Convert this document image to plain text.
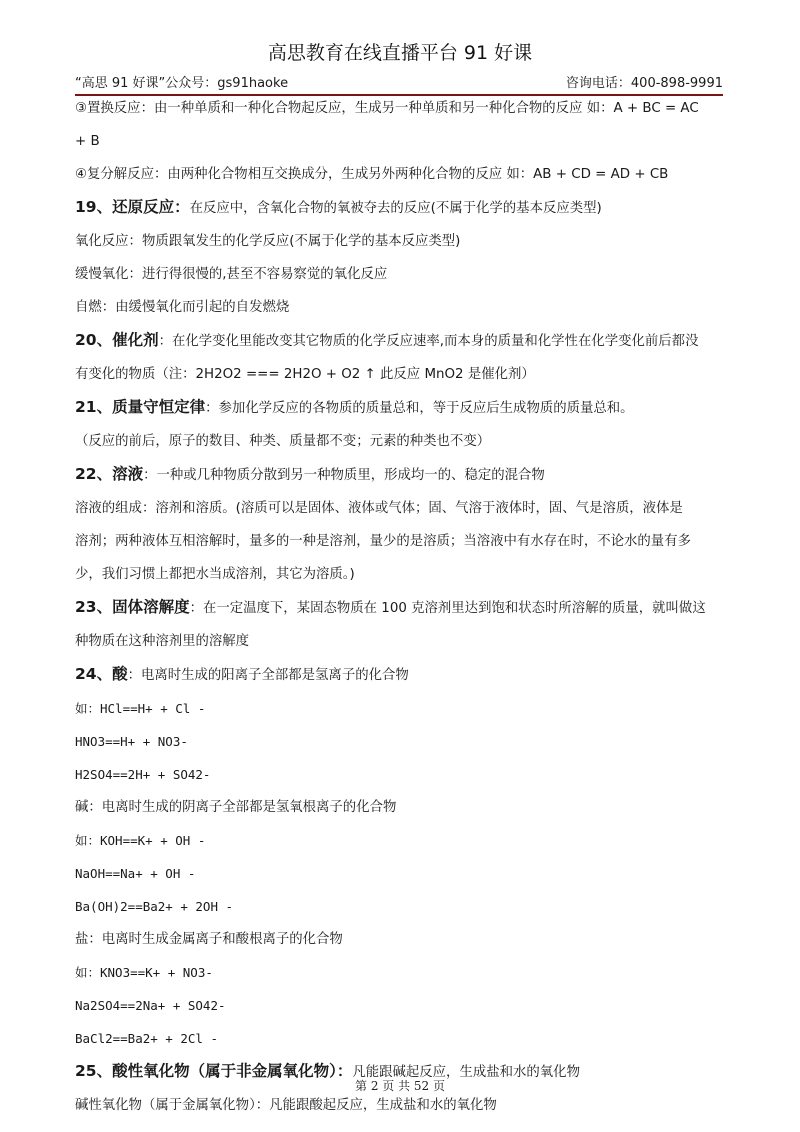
高思教育在线直播平台 91 好课
“高思 91 好课”公众号：gs91haoke	咨询电话：400-898-9991
③置换反应：由一种单质和一种化合物起反应，生成另一种单质和另一种化合物的反应 如：A + BC = AC
+ B
④复分解反应：由两种化合物相互交换成分，生成另外两种化合物的反应 如：AB + CD = AD + CB
19、还原反应：在反应中，含氧化合物的氧被夺去的反应(不属于化学的基本反应类型)
氧化反应：物质跟氧发生的化学反应(不属于化学的基本反应类型)
缓慢氧化：进行得很慢的,甚至不容易察觉的氧化反应
自燃：由缓慢氧化而引起的自发燃烧
20、催化剂：在化学变化里能改变其它物质的化学反应速率,而本身的质量和化学性在化学变化前后都没
有变化的物质（注：2H2O2 === 2H2O + O2 ↑ 此反应 MnO2 是催化剂）
21、质量守恒定律：参加化学反应的各物质的质量总和，等于反应后生成物质的质量总和。
（反应的前后，原子的数目、种类、质量都不变；元素的种类也不变）
22、溶液：一种或几种物质分散到另一种物质里，形成均一的、稳定的混合物
溶液的组成：溶剂和溶质。(溶质可以是固体、液体或气体；固、气溶于液体时，固、气是溶质，液体是
溶剂；两种液体互相溶解时，量多的一种是溶剂，量少的是溶质；当溶液中有水存在时，不论水的量有多
少，我们习惯上都把水当成溶剂，其它为溶质。)
23、固体溶解度：在一定温度下，某固态物质在 100 克溶剂里达到饱和状态时所溶解的质量，就叫做这
种物质在这种溶剂里的溶解度
24、酸：电离时生成的阳离子全部都是氢离子的化合物
如：HCl==H+ + Cl -
HNO3==H+ + NO3-
H2SO4==2H+ + SO42-
碱：电离时生成的阴离子全部都是氢氧根离子的化合物
如：KOH==K+ + OH -
NaOH==Na+ + OH -
Ba(OH)2==Ba2+ + 2OH -
盐：电离时生成金属离子和酸根离子的化合物
如：KNO3==K+ + NO3-
Na2SO4==2Na+ + SO42-
BaCl2==Ba2+ + 2Cl -
25、酸性氧化物（属于非金属氧化物）：凡能跟碱起反应，生成盐和水的氧化物
碱性氧化物（属于金属氧化物）：凡能跟酸起反应，生成盐和水的氧化物
第 2 页 共 52 页
